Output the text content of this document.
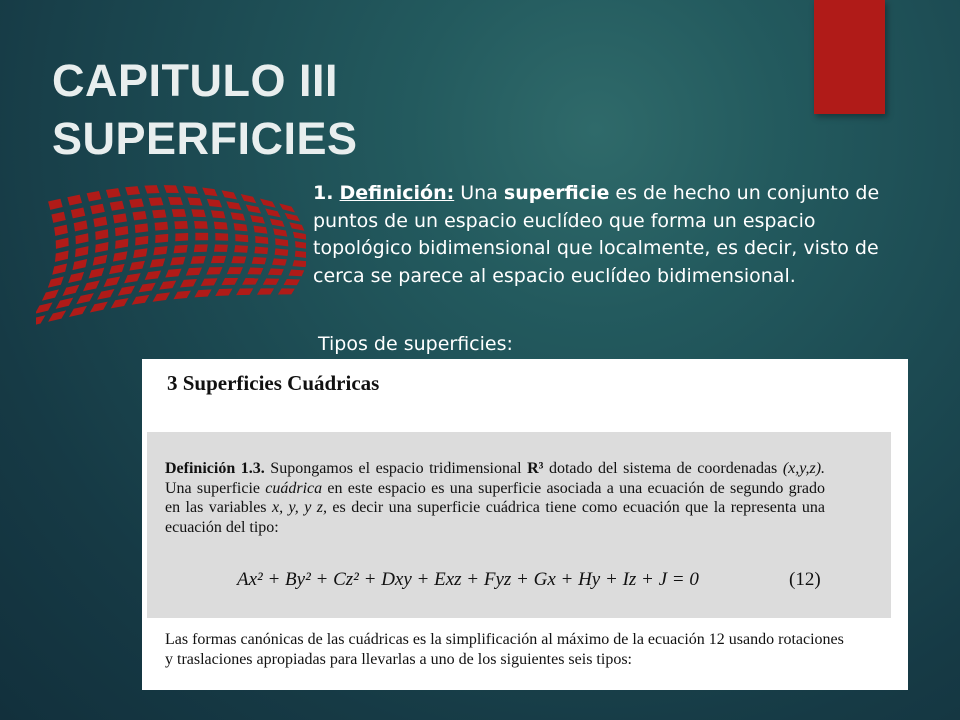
CAPITULO III
SUPERFICIES
1. Definición: Una superficie es de hecho un conjunto de puntos de un espacio euclídeo que forma un espacio topológico bidimensional que localmente, es decir, visto de cerca se parece al espacio euclídeo bidimensional.
Tipos de superficies:
3 Superficies Cuádricas
Definición 1.3. Supongamos el espacio tridimensional R³ dotado del sistema de coordenadas (x,y,z). Una superficie cuádrica en este espacio es una superficie asociada a una ecuación de segundo grado en las variables x, y, y z, es decir una superficie cuádrica tiene como ecuación que la representa una ecuación del tipo:
Ax² + By² + Cz² + Dxy + Exz + Fyz + Gx + Hy + Iz + J = 0	(12)
Las formas canónicas de las cuádricas es la simplificación al máximo de la ecuación 12 usando rotaciones y traslaciones apropiadas para llevarlas a uno de los siguientes seis tipos:
